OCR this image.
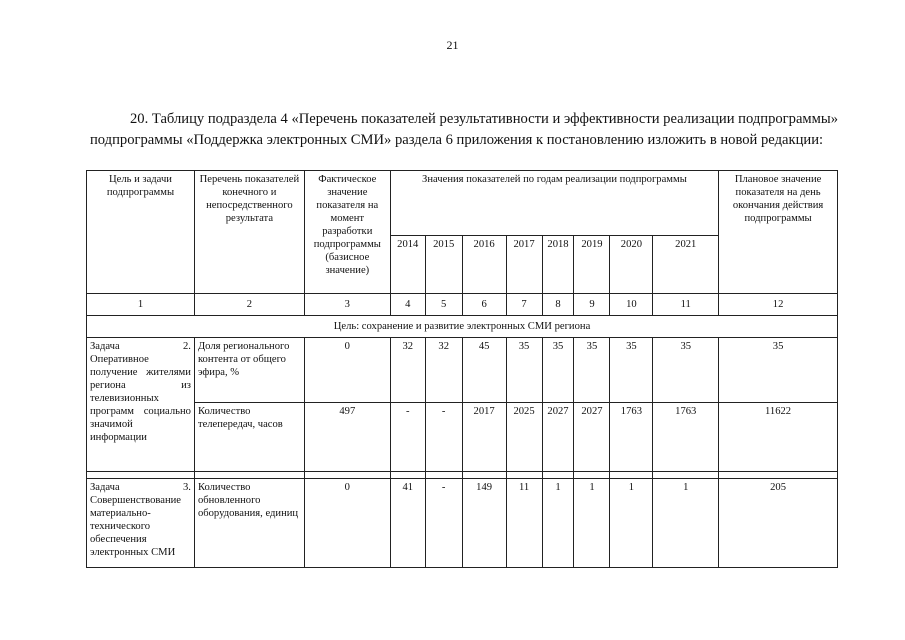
21

20. Таблицу подраздела 4 «Перечень показателей результативности и эффективности реализации подпрограммы» подпрограммы «Поддержка электронных СМИ» раздела 6 приложения к постановлению изложить в новой редакции:

Цель и задачи подпрограммы	Перечень показателей конечного и непосредственного результата	Фактическое значение показателя на момент разработки подпрограммы (базисное значение)	Значения показателей по годам реализации подпрограммы								Плановое значение показателя на день окончания действия подпрограммы
			2014	2015	2016	2017	2018	2019	2020	2021	
1	2	3	4	5	6	7	8	9	10	11	12
Цель: сохранение и развитие электронных СМИ региона											
Задача 2. Оперативное получение жителями региона из телевизионных программ социально значимой информации	Доля регионального контента от общего эфира, %	0	32	32	45	35	35	35	35	35	35
	Количество телепередач, часов	497	-	-	2017	2025	2027	2027	1763	1763	11622

Задача 3. Совершенствование материально-технического обеспечения электронных СМИ	Количество обновленного оборудования, единиц	0	41	-	149	11	1	1	1	1	205
